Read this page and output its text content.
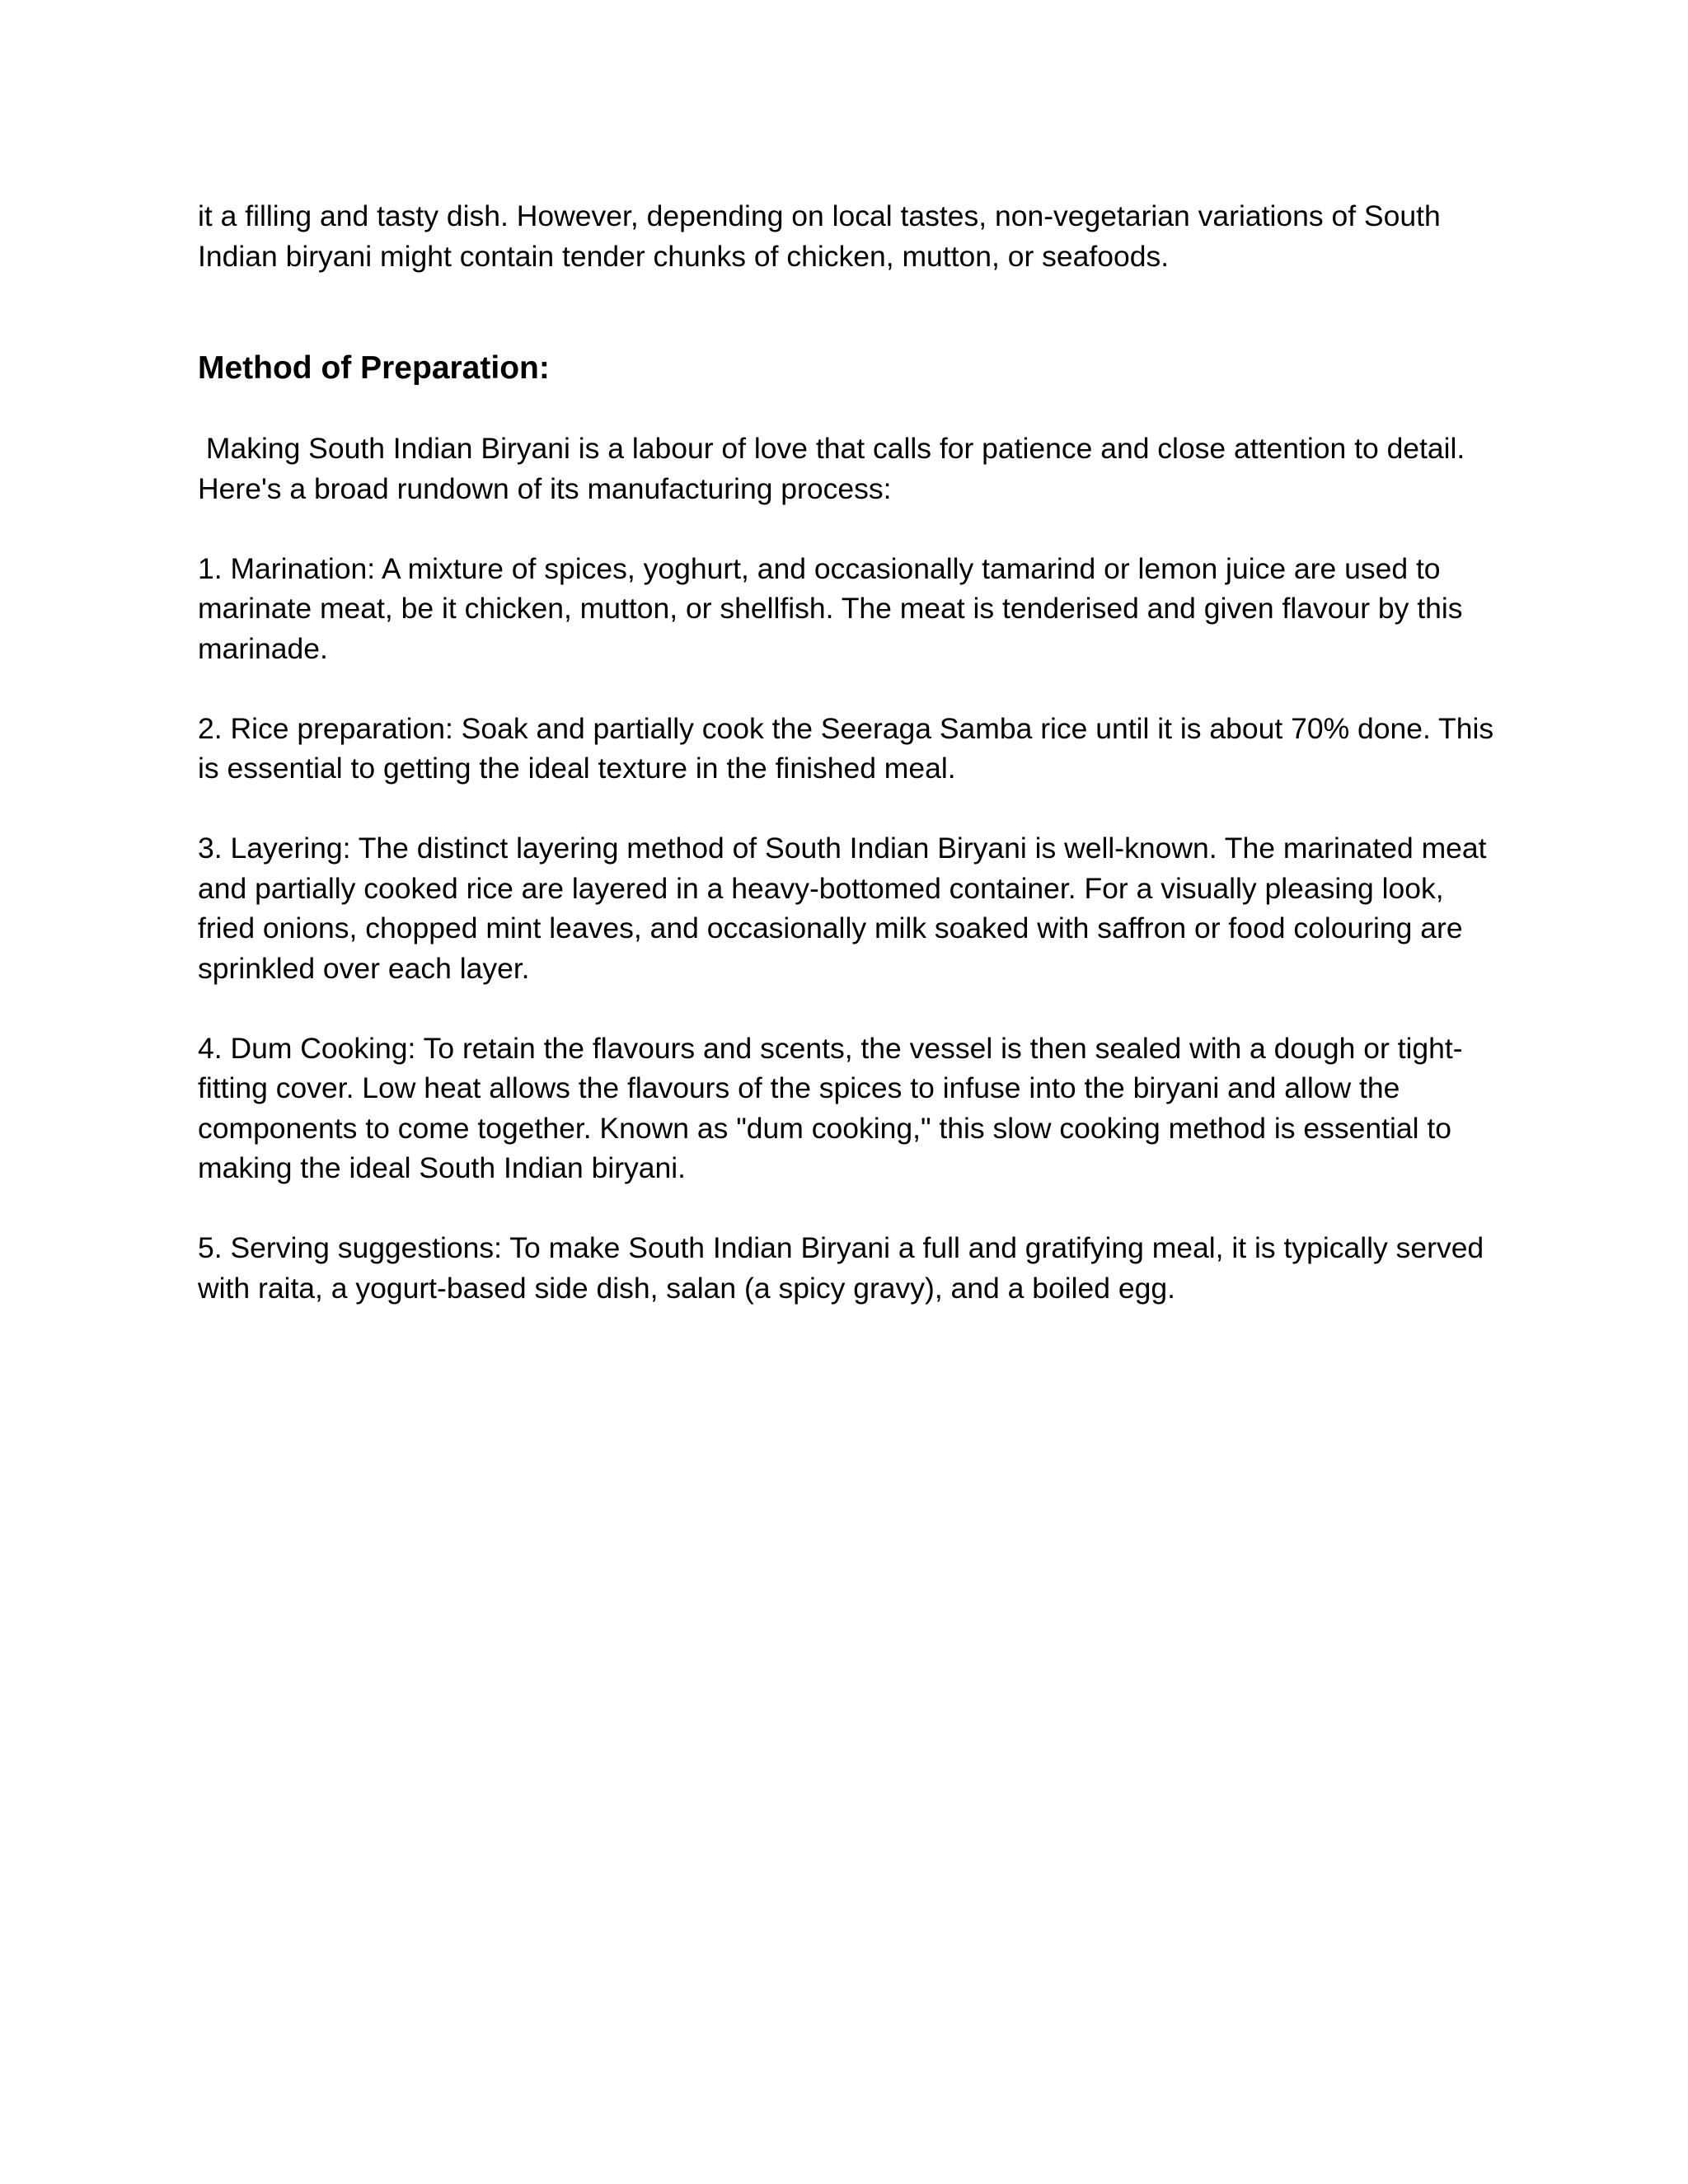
it a filling and tasty dish. However, depending on local tastes, non-vegetarian variations of South Indian biryani might contain tender chunks of chicken, mutton, or seafoods.

Method of Preparation:

Making South Indian Biryani is a labour of love that calls for patience and close attention to detail. Here's a broad rundown of its manufacturing process:

1. Marination: A mixture of spices, yoghurt, and occasionally tamarind or lemon juice are used to marinate meat, be it chicken, mutton, or shellfish. The meat is tenderised and given flavour by this marinade.

2. Rice preparation: Soak and partially cook the Seeraga Samba rice until it is about 70% done. This is essential to getting the ideal texture in the finished meal.

3. Layering: The distinct layering method of South Indian Biryani is well-known. The marinated meat and partially cooked rice are layered in a heavy-bottomed container. For a visually pleasing look, fried onions, chopped mint leaves, and occasionally milk soaked with saffron or food colouring are sprinkled over each layer.

4. Dum Cooking: To retain the flavours and scents, the vessel is then sealed with a dough or tight-fitting cover. Low heat allows the flavours of the spices to infuse into the biryani and allow the components to come together. Known as "dum cooking," this slow cooking method is essential to making the ideal South Indian biryani.

5. Serving suggestions: To make South Indian Biryani a full and gratifying meal, it is typically served with raita, a yogurt-based side dish, salan (a spicy gravy), and a boiled egg.
